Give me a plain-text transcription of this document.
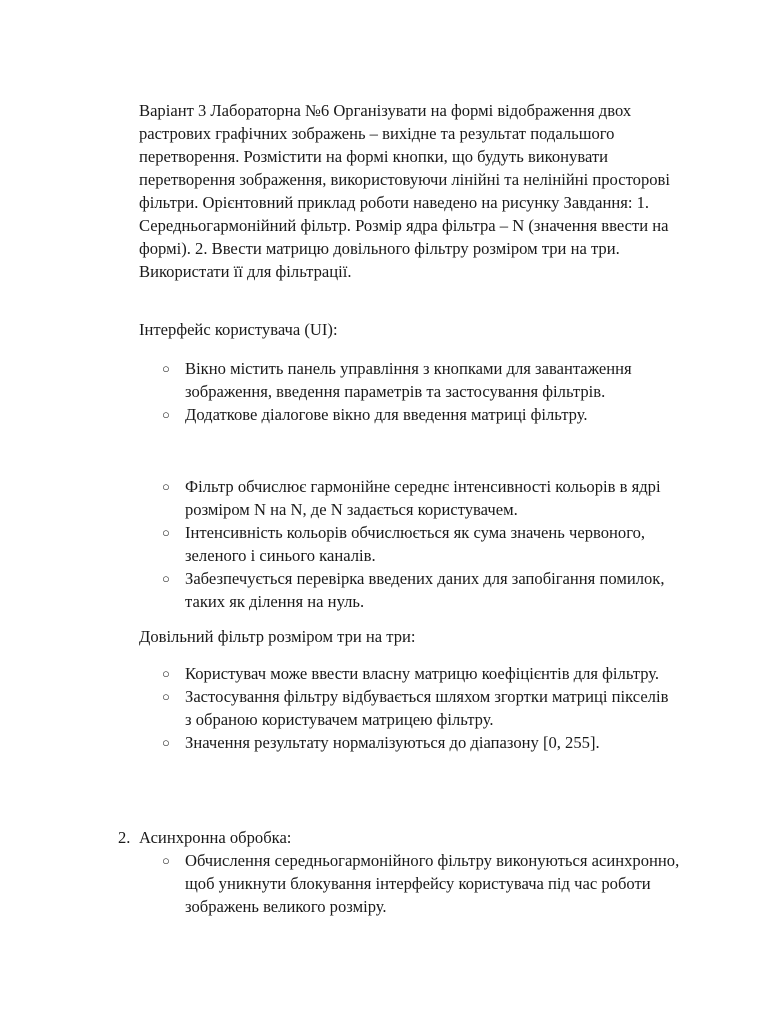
Варіант 3 Лабораторна №6 Організувати на формі відображення двох растрових графічних зображень – вихідне та результат подальшого перетворення. Розмістити на формі кнопки, що будуть виконувати перетворення зображення, використовуючи лінійні та нелінійні просторові фільтри. Орієнтовний приклад роботи наведено на рисунку Завдання: 1. Середньогармонійний фільтр. Розмір ядра фільтра – N (значення ввести на формі). 2. Ввести матрицю довільного фільтру розміром три на три. Використати її для фільтрації.

Інтерфейс користувача (UI):

○ Вікно містить панель управління з кнопками для завантаження зображення, введення параметрів та застосування фільтрів.
○ Додаткове діалогове вікно для введення матриці фільтру.
○ Фільтр обчислює гармонійне середнє інтенсивності кольорів в ядрі розміром N на N, де N задається користувачем.
○ Інтенсивність кольорів обчислюється як сума значень червоного, зеленого і синього каналів.
○ Забезпечується перевірка введених даних для запобігання помилок, таких як ділення на нуль.

Довільний фільтр розміром три на три:

○ Користувач може ввести власну матрицю коефіцієнтів для фільтру.
○ Застосування фільтру відбувається шляхом згортки матриці пікселів з обраною користувачем матрицею фільтру.
○ Значення результату нормалізуються до діапазону [0, 255].
2. Асинхронна обробка:

○ Обчислення середньогармонійного фільтру виконуються асинхронно, щоб уникнути блокування інтерфейсу користувача під час роботи зображень великого розміру.
